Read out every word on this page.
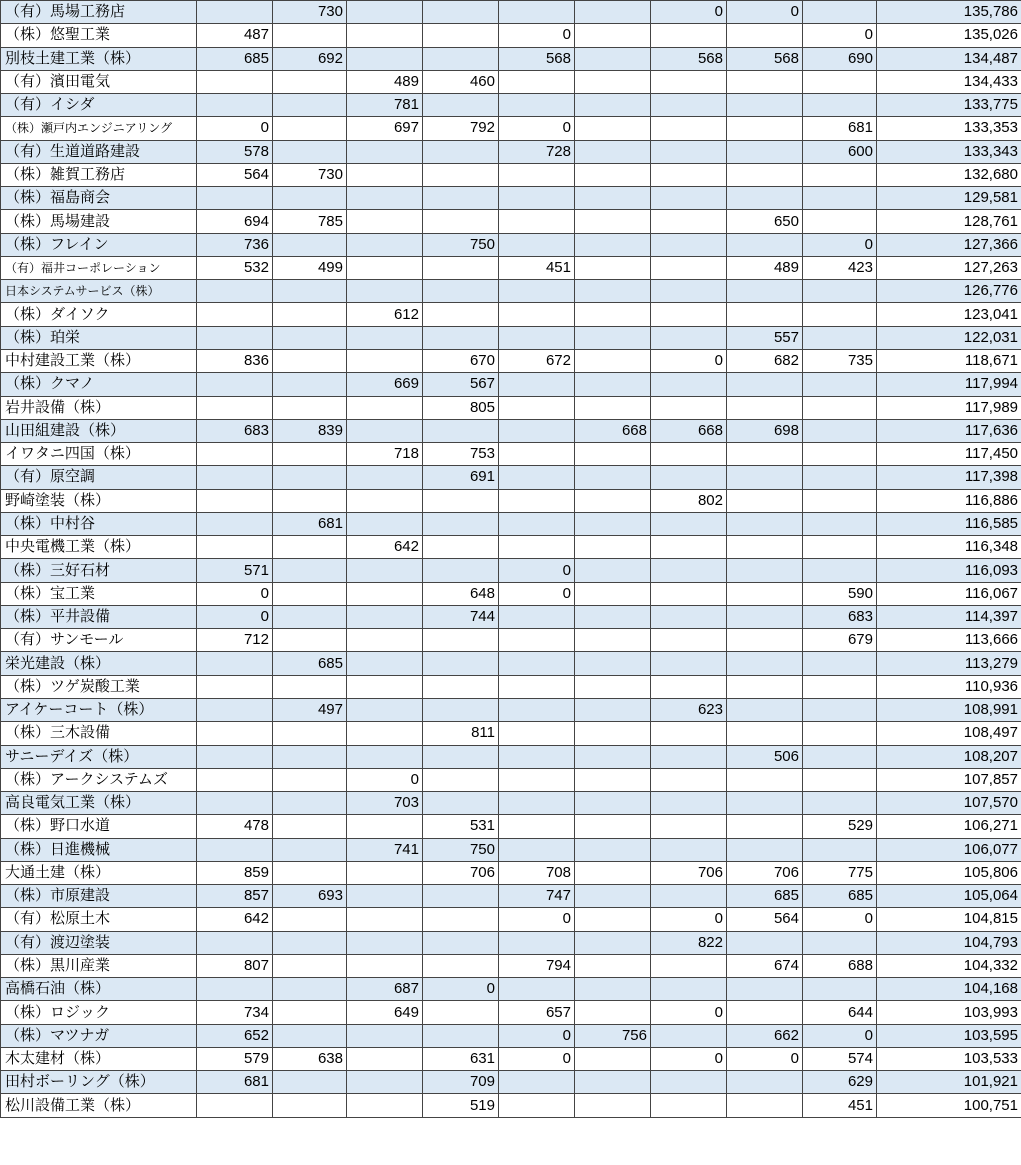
（有）馬場工務店		730					0	0		135,786
（株）悠聖工業	487				0				0	135,026
別枝土建工業（株）	685	692			568		568	568	690	134,487
（有）濱田電気			489	460						134,433
（有）イシダ			781							133,775
（株）瀬戸内エンジニアリング	0		697	792	0				681	133,353
（有）生道道路建設	578				728				600	133,343
（株）雑賀工務店	564	730								132,680
（株）福島商会										129,581
（株）馬場建設	694	785						650		128,761
（株）フレイン	736			750					0	127,366
（有）福井コーポレーション	532	499			451			489	423	127,263
日本システムサービス（株）										126,776
（株）ダイソク			612							123,041
（株）珀栄								557		122,031
中村建設工業（株）	836			670	672		0	682	735	118,671
（株）クマノ			669	567						117,994
岩井設備（株）				805						117,989
山田組建設（株）	683	839				668	668	698		117,636
イワタニ四国（株）			718	753						117,450
（有）原空調				691						117,398
野崎塗装（株）							802			116,886
（株）中村谷		681								116,585
中央電機工業（株）			642							116,348
（株）三好石材	571				0					116,093
（株）宝工業	0			648	0				590	116,067
（株）平井設備	0			744					683	114,397
（有）サンモール	712								679	113,666
栄光建設（株）		685								113,279
（株）ツゲ炭酸工業										110,936
アイケーコート（株）		497					623			108,991
（株）三木設備				811						108,497
サニーデイズ（株）								506		108,207
（株）アークシステムズ			0							107,857
高良電気工業（株）			703							107,570
（株）野口水道	478			531					529	106,271
（株）日進機械			741	750						106,077
大通土建（株）	859			706	708		706	706	775	105,806
（株）市原建設	857	693			747			685	685	105,064
（有）松原土木	642				0		0	564	0	104,815
（有）渡辺塗装							822			104,793
（株）黒川産業	807				794			674	688	104,332
高橋石油（株）			687	0						104,168
（株）ロジック	734		649		657		0		644	103,993
（株）マツナガ	652				0	756		662	0	103,595
木太建材（株）	579	638		631	0		0	0	574	103,533
田村ボーリング（株）	681			709					629	101,921
松川設備工業（株）				519					451	100,751
